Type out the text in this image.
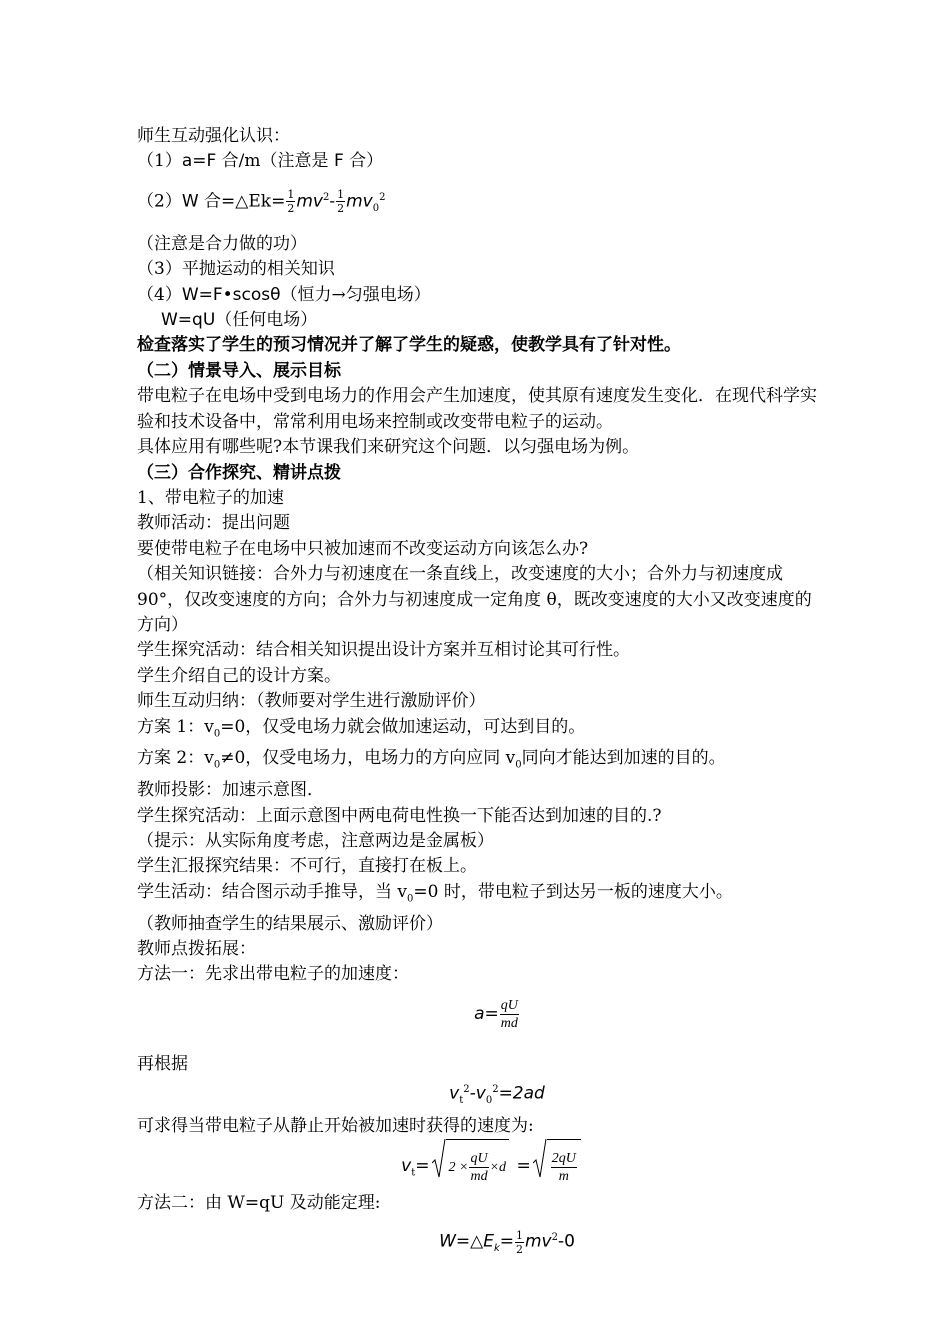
师生互动强化认识：
（1）a=F 合/m（注意是 F 合）
（2）W 合=△Ek= $\frac{1}{2} mv^2- \frac{1}{2} mv_0^2$
（注意是合力做的功）
（3）平抛运动的相关知识
（4）W=F•scosθ（恒力→匀强电场）
W=qU（任何电场）
检查落实了学生的预习情况并了解了学生的疑惑，使教学具有了针对性。
（二）情景导入、展示目标
带电粒子在电场中受到电场力的作用会产生加速度，使其原有速度发生变化．在现代科学实验和技术设备中，常常利用电场来控制或改变带电粒子的运动。
具体应用有哪些呢?本节课我们来研究这个问题．以匀强电场为例。
（三）合作探究、精讲点拨
1、带电粒子的加速
教师活动：提出问题
要使带电粒子在电场中只被加速而不改变运动方向该怎么办?
（相关知识链接：合外力与初速度在一条直线上，改变速度的大小；合外力与初速度成 90°，仅改变速度的方向；合外力与初速度成一定角度 θ，既改变速度的大小又改变速度的方向）
学生探究活动：结合相关知识提出设计方案并互相讨论其可行性。
学生介绍自己的设计方案。
师生互动归纳：（教师要对学生进行激励评价）
方案 1：$v_0=0$，仅受电场力就会做加速运动，可达到目的。
方案 2：$v_0\ne 0$，仅受电场力，电场力的方向应同 $v_0$同向才能达到加速的目的。
教师投影：加速示意图．
学生探究活动：上面示意图中两电荷电性换一下能否达到加速的目的.?
（提示：从实际角度考虑，注意两边是金属板）
学生汇报探究结果：不可行，直接打在板上。
学生活动：结合图示动手推导，当 $v_0=0$ 时，带电粒子到达另一板的速度大小。
（教师抽查学生的结果展示、激励评价）
教师点拨拓展：
方法一：先求出带电粒子的加速度：
$a= \frac{qU}{md}$
再根据
$v_t^2-v_0^2=2ad$
可求得当带电粒子从静止开始被加速时获得的速度为:
$v_t= 2 \times \frac{qU}{md} \times d = \frac{2qU}{m}$
方法二：由 W=qU 及动能定理:
$W=\triangle E_k= \frac{1}{2} mv^2-0$
